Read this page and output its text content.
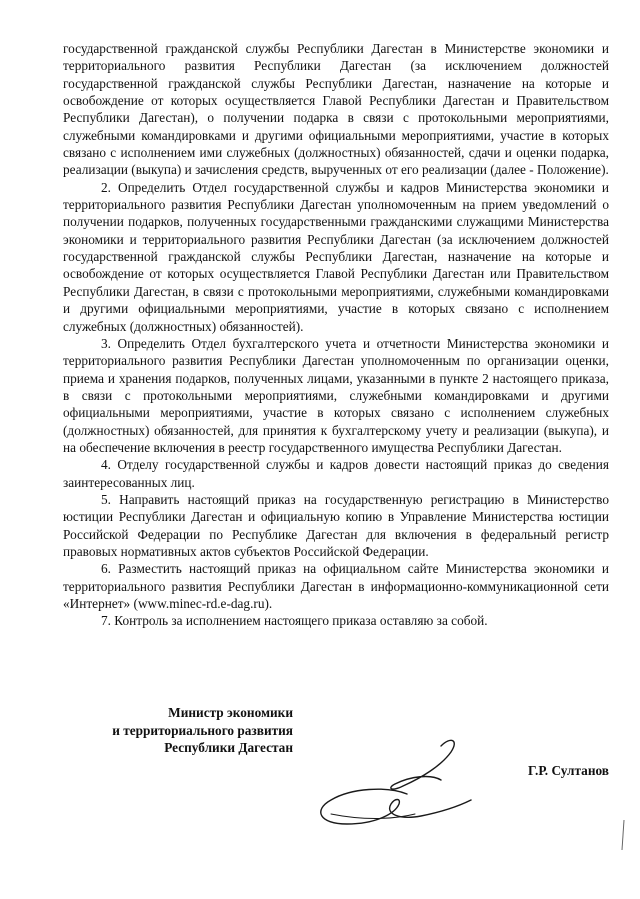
государственной гражданской службы Республики Дагестан в Министерстве экономики и территориального развития Республики Дагестан (за исключением должностей государственной гражданской службы Республики Дагестан, назначение на которые и освобождение от которых осуществляется Главой Республики Дагестан и Правительством Республики Дагестан), о получении подарка в связи с протокольными мероприятиями, служебными командировками и другими официальными мероприятиями, участие в которых связано с исполнением ими служебных (должностных) обязанностей, сдачи и оценки подарка, реализации (выкупа) и зачисления средств, вырученных от его реализации (далее - Положение).

2. Определить Отдел государственной службы и кадров Министерства экономики и территориального развития Республики Дагестан уполномоченным на прием уведомлений о получении подарков, полученных государственными гражданскими служащими Министерства экономики и территориального развития Республики Дагестан (за исключением должностей государственной гражданской службы Республики Дагестан, назначение на которые и освобождение от которых осуществляется Главой Республики Дагестан или Правительством Республики Дагестан, в связи с протокольными мероприятиями, служебными командировками и другими официальными мероприятиями, участие в которых связано с исполнением служебных (должностных) обязанностей).

3. Определить Отдел бухгалтерского учета и отчетности Министерства экономики и территориального развития Республики Дагестан уполномоченным по организации оценки, приема и хранения подарков, полученных лицами, указанными в пункте 2 настоящего приказа, в связи с протокольными мероприятиями, служебными командировками и другими официальными мероприятиями, участие в которых связано с исполнением служебных (должностных) обязанностей, для принятия к бухгалтерскому учету и реализации (выкупа), и на обеспечение включения в реестр государственного имущества Республики Дагестан.

4. Отделу государственной службы и кадров довести настоящий приказ до сведения заинтересованных лиц.

5. Направить настоящий приказ на государственную регистрацию в Министерство юстиции Республики Дагестан и официальную копию в Управление Министерства юстиции Российской Федерации по Республике Дагестан для включения в федеральный регистр правовых нормативных актов субъектов Российской Федерации.

6. Разместить настоящий приказ на официальном сайте Министерства экономики и территориального развития Республики Дагестан в информационно-коммуникационной сети «Интернет» (www.minec-rd.e-dag.ru).

7. Контроль за исполнением настоящего приказа оставляю за собой.

Министр экономики
и территориального развития
Республики Дагестан
Г.Р. Султанов
